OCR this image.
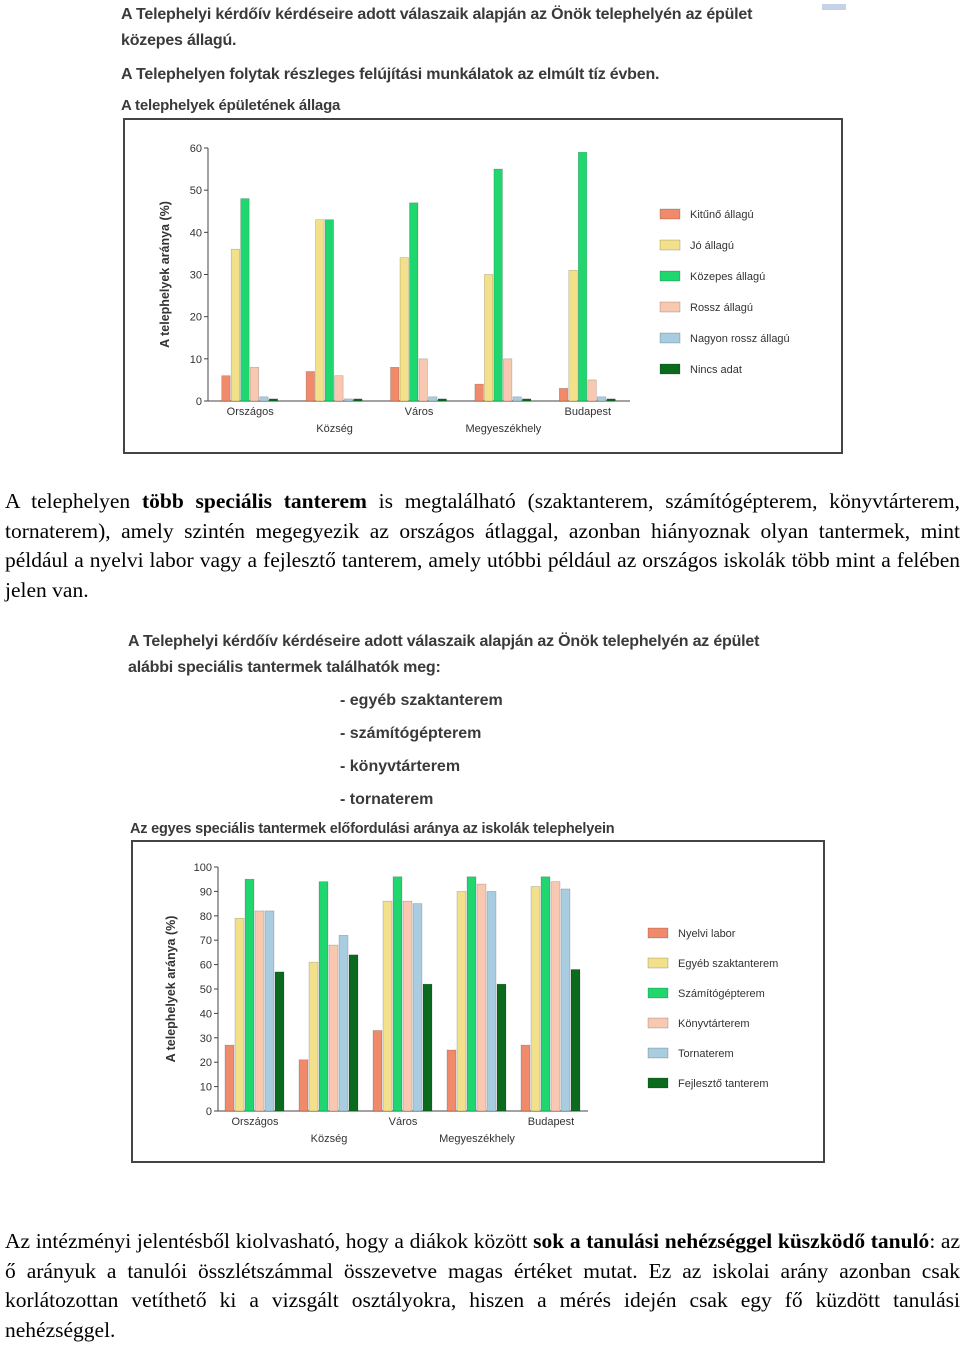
A Telephelyi kérdőív kérdéseire adott válaszaik alapján az Önök telephelyén az épület
közepes állagú.
A Telephelyen folytak részleges felújítási munkálatok az elmúlt tíz évben.
A telephelyek épületének állaga
0
10
20
30
40
50
60
A telephelyek aránya (%)
Országos
Község
Város
Megyeszékhely
Budapest
Kitűnő állagú
Jó állagú
Közepes állagú
Rossz állagú
Nagyon rossz állagú
Nincs adat

A telephelyen több speciális tanterem is megtalálható (szaktanterem, számítógépterem, könyvtárterem, tornaterem), amely szintén megegyezik az országos átlaggal, azonban hiányoznak olyan tantermek, mint például a nyelvi labor vagy a fejlesztő tanterem, amely utóbbi például az országos iskolák több mint a felében jelen van.

A Telephelyi kérdőív kérdéseire adott válaszaik alapján az Önök telephelyén az épület
alábbi speciális tantermek találhatók meg:
- egyéb szaktanterem
- számítógépterem
- könyvtárterem
- tornaterem
Az egyes speciális tantermek előfordulási aránya az iskolák telephelyein
0
10
20
30
40
50
60
70
80
90
100
A telephelyek aránya (%)
Országos
Község
Város
Megyeszékhely
Budapest
Nyelvi labor
Egyéb szaktanterem
Számítógépterem
Könyvtárterem
Tornaterem
Fejlesztő tanterem

Az intézményi jelentésből kiolvasható, hogy a diákok között sok a tanulási nehézséggel küszködő tanuló: az ő arányuk a tanulói összlétszámmal összevetve magas értéket mutat. Ez az iskolai arány azonban csak korlátozottan vetíthető ki a vizsgált osztályokra, hiszen a mérés idején csak egy fő küzdött tanulási nehézséggel.
